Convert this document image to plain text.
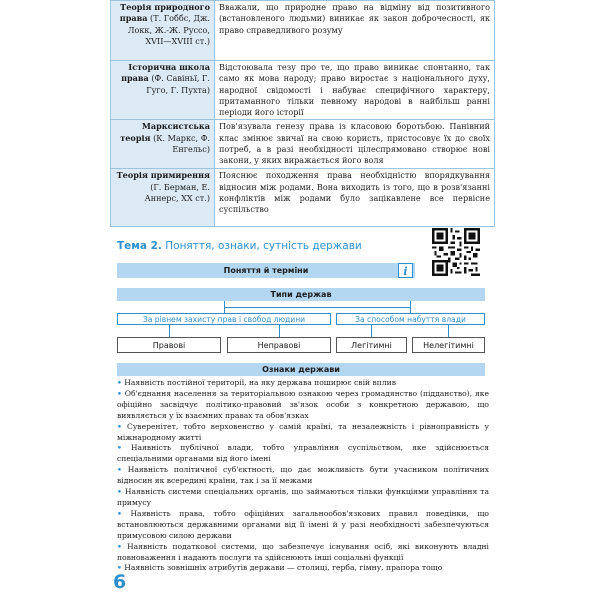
Теорія природного права (Т. Гоббс, Дж. Локк, Ж.-Ж. Руссо, XVII—XVIII ст.)	Вважали, що природне право на відміну від позитивного (встановленого людьми) виникає як закон доброчесності, як право справедливого розуму
Історична школа права (Ф. Савіньї, Г. Гуго, Г. Пухта)	Відстоювала тезу про те, що право виникає спонтанно, так само як мова народу; право виростає з національного духу, народної свідомості і набуває специфічного характеру, притаманного тільки певному народові в найбільш ранні періоди його історії
Марксистська теорія (К. Маркс, Ф. Енгельс)	Пов'язувала генезу права із класовою боротьбою. Панівний клас змінює звичаї на свою користь, пристосовує їх до своїх потреб, а в разі необхідності цілеспрямовано створює нові закони, у яких виражається його воля
Теорія примирення (Г. Берман, Е. Аннерс, XX ст.)	Пояснює походження права необхідністю впорядкування відносин між родами. Вона виходить із того, що в розв'язанні конфліктів між родами було зацікавлене все первісне суспільство
Тема 2. Поняття, ознаки, сутність держави
Поняття й терміни	i
Типи держав
За рівнем захисту прав і свобод людини	За способом набуття влади
Правові	Неправові	Легітимні	Нелегітимні
Ознаки держави
• Наявність постійної території, на яку держава поширює свій вплив
• Об'єднання населення за територіальною ознакою через громадянство (підданство), яке офіційно засвідчує політико-правовий зв'язок особи з конкретною державою, що виявляється у їх взаємних правах та обов'язках
• Суверенітет, тобто верховенство у самій країні, та незалежність і рівноправність у міжнародному житті
• Наявність публічної влади, тобто управління суспільством, яке здійснюється спеціальними органами від його імені
• Наявність політичної суб'єктності, що дає можливість бути учасником політичних відносин як всередині країни, так і за її межами
• Наявність системи спеціальних органів, що займаються тільки функціями управління та примусу
• Наявність права, тобто офіційних загальнообов'язкових правил поведінки, що встановлюються державними органами від її імені й у разі необхідності забезпечуються примусовою силою держави
• Наявність податкової системи, що забезпечує існування осіб, які виконують владні повноваження і надають послуги та здійснюють інші соціальні функції
• Наявність зовнішніх атрибутів держави — столиці, герба, гімну, прапора тощо
6
